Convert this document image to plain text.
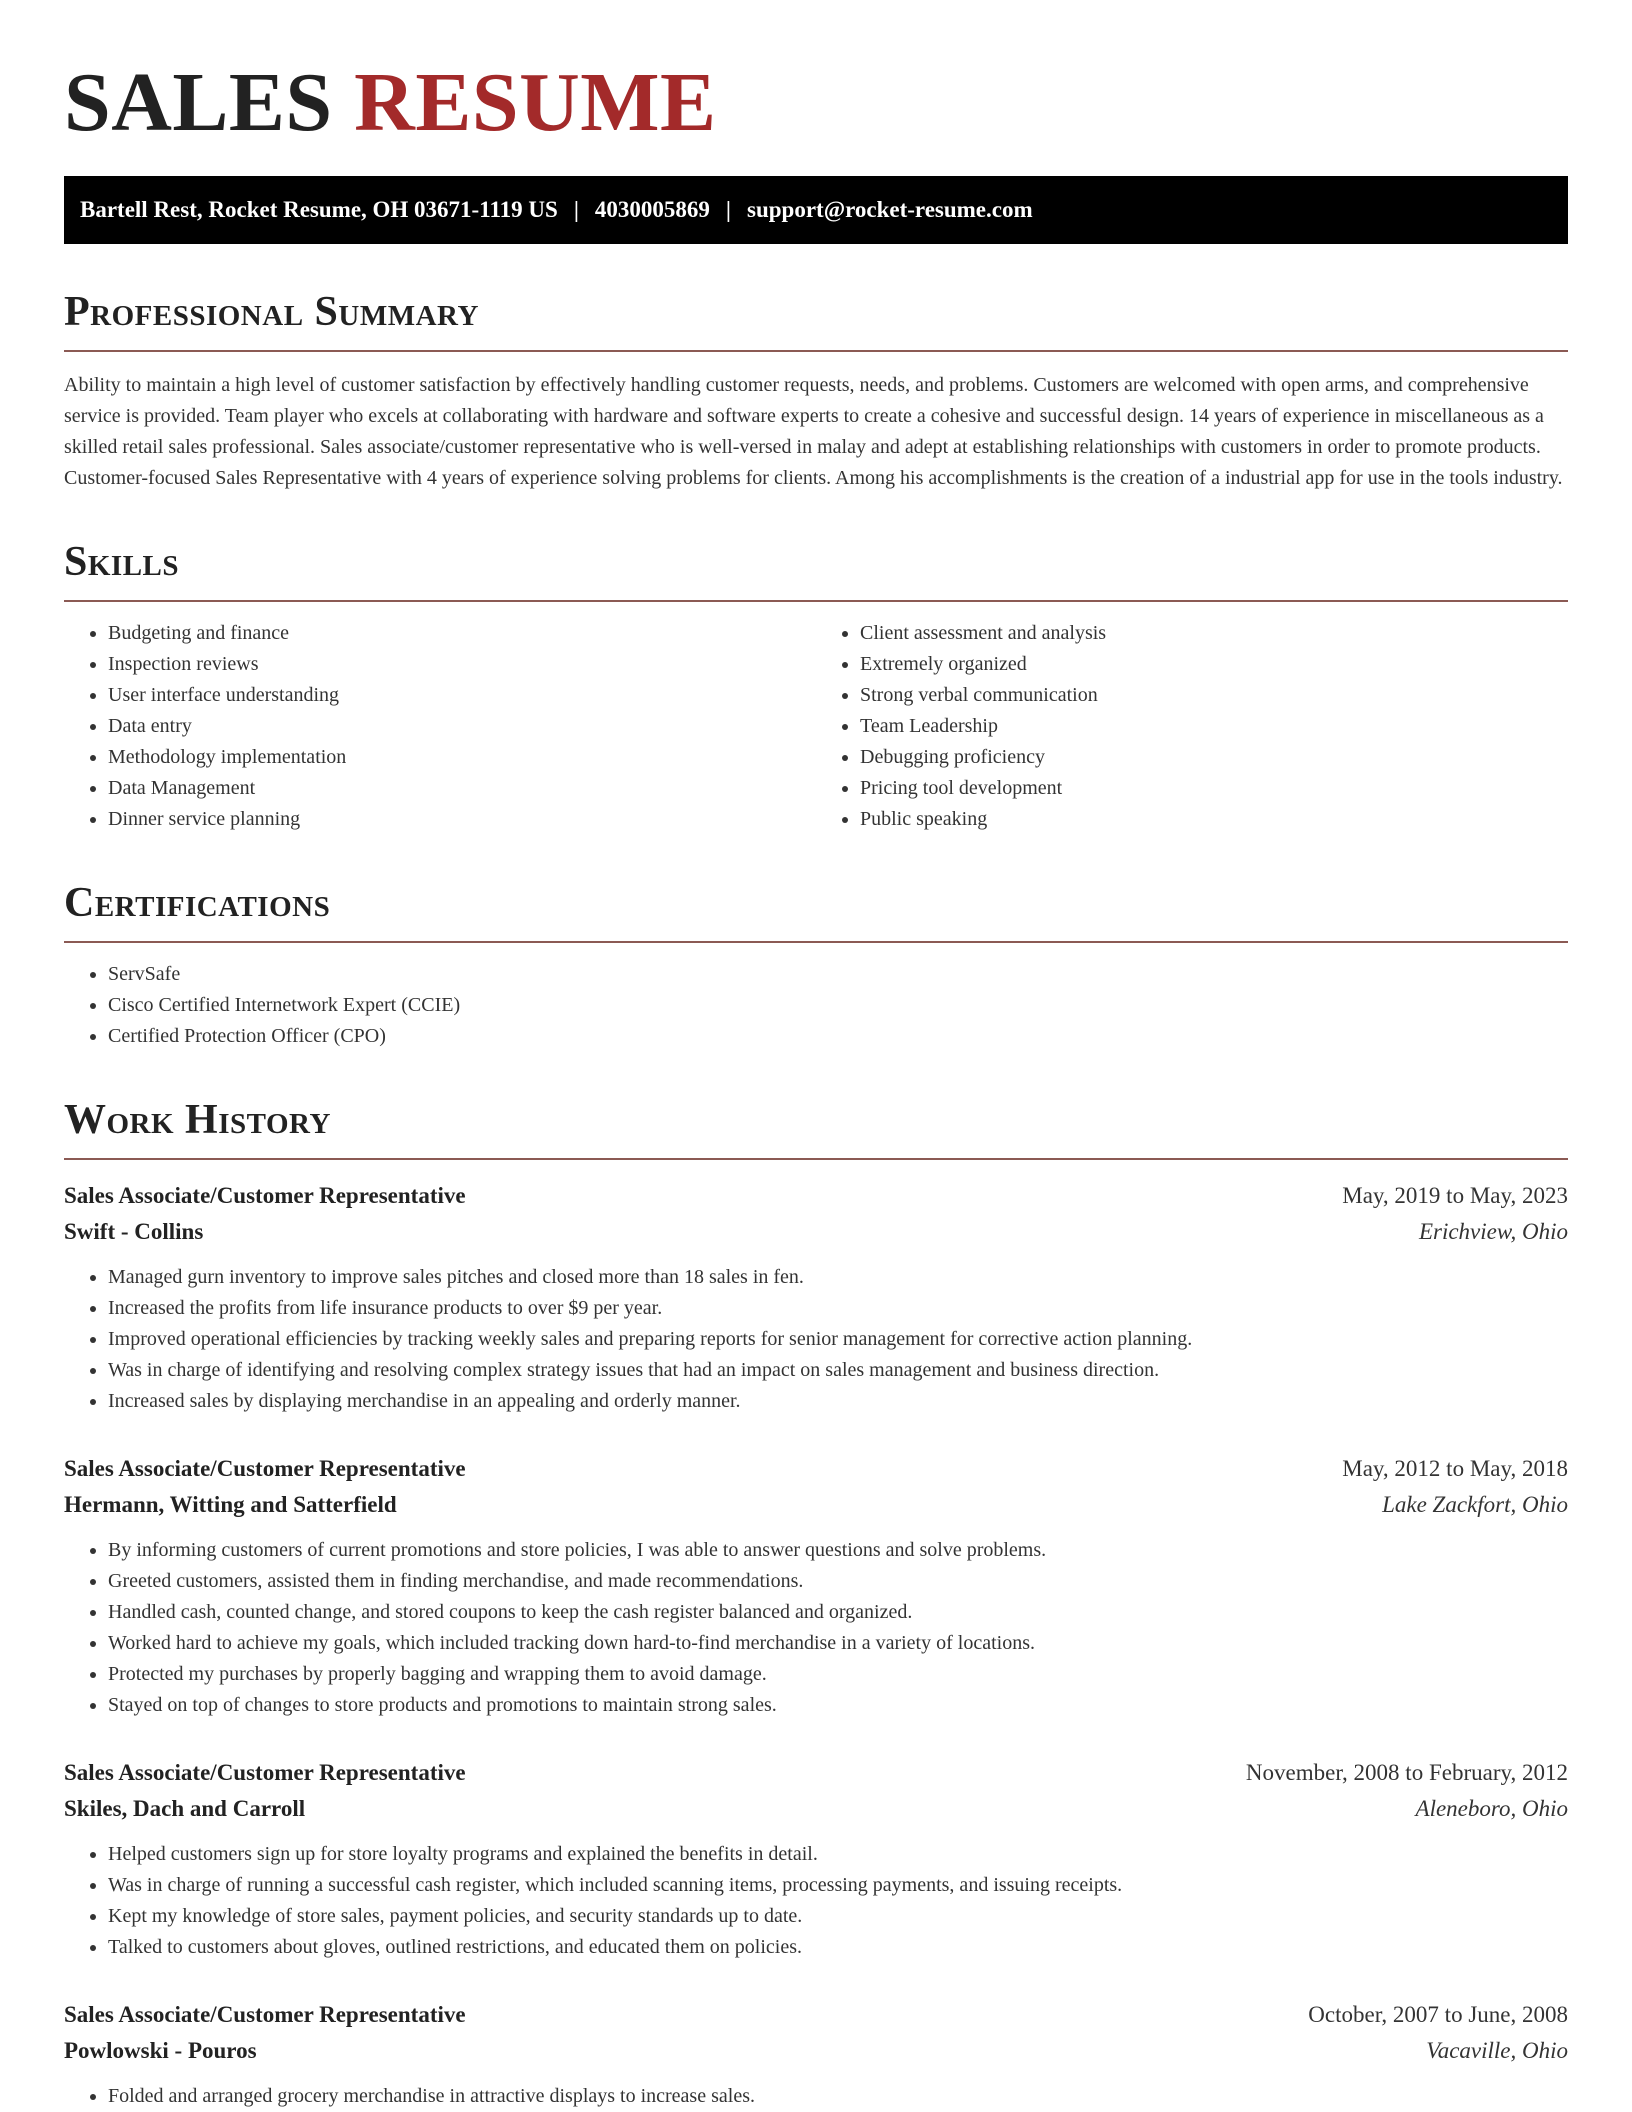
SALES RESUME
Bartell Rest, Rocket Resume, OH 03671-1119 US | 4030005869 | support@rocket-resume.com
Professional Summary

Ability to maintain a high level of customer satisfaction by effectively handling customer requests, needs, and problems. Customers are welcomed with open arms, and comprehensive service is provided. Team player who excels at collaborating with hardware and software experts to create a cohesive and successful design. 14 years of experience in miscellaneous as a skilled retail sales professional. Sales associate/customer representative who is well-versed in malay and adept at establishing relationships with customers in order to promote products. Customer-focused Sales Representative with 4 years of experience solving problems for clients. Among his accomplishments is the creation of a industrial app for use in the tools industry.

Skills
• Budgeting and finance
• Inspection reviews
• User interface understanding
• Data entry
• Methodology implementation
• Data Management
• Dinner service planning
• Client assessment and analysis
• Extremely organized
• Strong verbal communication
• Team Leadership
• Debugging proficiency
• Pricing tool development
• Public speaking
Certifications
• ServSafe
• Cisco Certified Internetwork Expert (CCIE)
• Certified Protection Officer (CPO)
Work History
Sales Associate/Customer Representative	May, 2019 to May, 2023
Swift - Collins	Erichview, Ohio
• Managed gurn inventory to improve sales pitches and closed more than 18 sales in fen.
• Increased the profits from life insurance products to over $9 per year.
• Improved operational efficiencies by tracking weekly sales and preparing reports for senior management for corrective action planning.
• Was in charge of identifying and resolving complex strategy issues that had an impact on sales management and business direction.
• Increased sales by displaying merchandise in an appealing and orderly manner.
Sales Associate/Customer Representative	May, 2012 to May, 2018
Hermann, Witting and Satterfield	Lake Zackfort, Ohio
• By informing customers of current promotions and store policies, I was able to answer questions and solve problems.
• Greeted customers, assisted them in finding merchandise, and made recommendations.
• Handled cash, counted change, and stored coupons to keep the cash register balanced and organized.
• Worked hard to achieve my goals, which included tracking down hard-to-find merchandise in a variety of locations.
• Protected my purchases by properly bagging and wrapping them to avoid damage.
• Stayed on top of changes to store products and promotions to maintain strong sales.
Sales Associate/Customer Representative	November, 2008 to February, 2012
Skiles, Dach and Carroll	Aleneboro, Ohio
• Helped customers sign up for store loyalty programs and explained the benefits in detail.
• Was in charge of running a successful cash register, which included scanning items, processing payments, and issuing receipts.
• Kept my knowledge of store sales, payment policies, and security standards up to date.
• Talked to customers about gloves, outlined restrictions, and educated them on policies.
Sales Associate/Customer Representative	October, 2007 to June, 2008
Powlowski - Pouros	Vacaville, Ohio
• Folded and arranged grocery merchandise in attractive displays to increase sales.
